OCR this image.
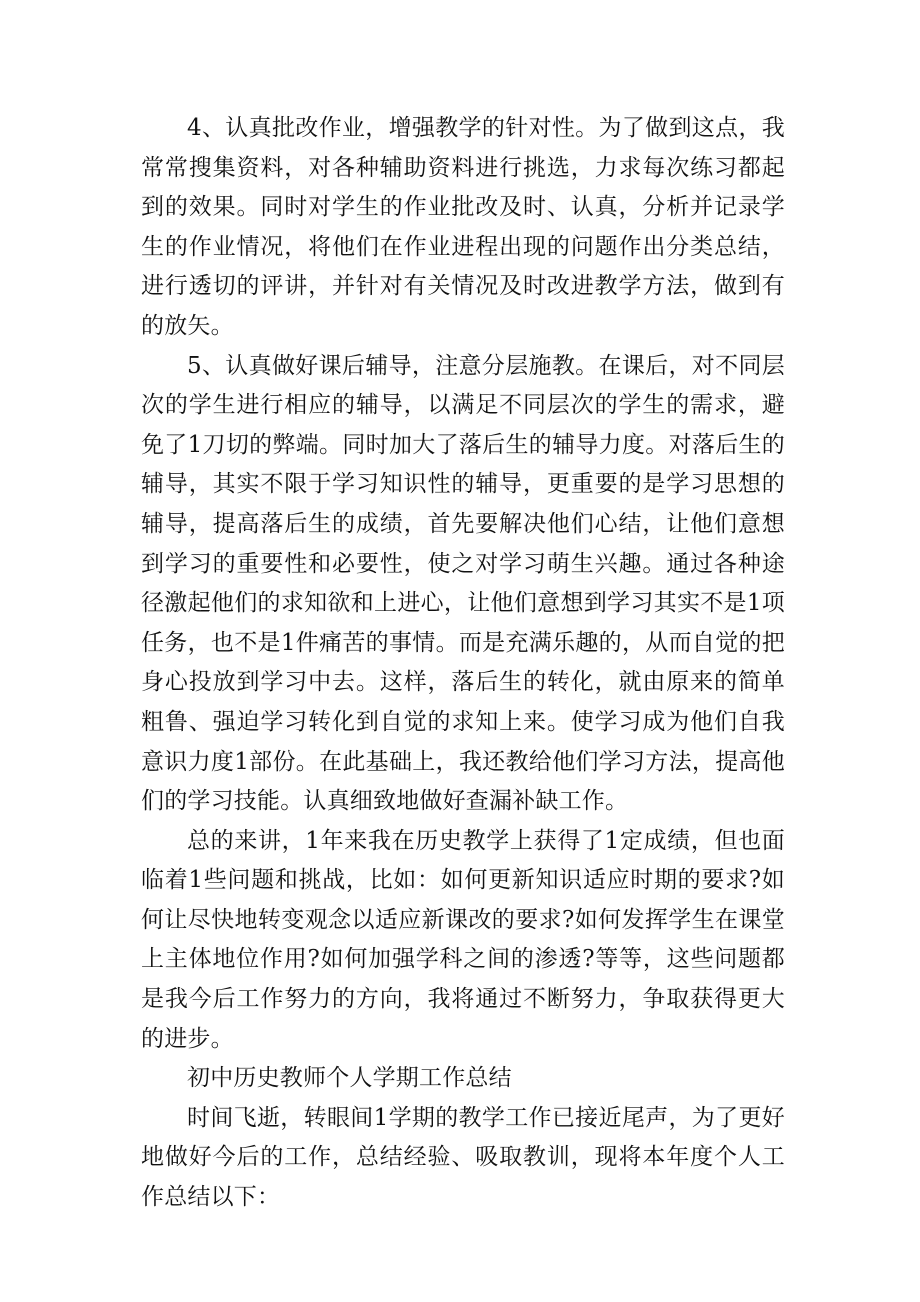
4、认真批改作业，增强教学的针对性。为了做到这点，我常常搜集资料，对各种辅助资料进行挑选，力求每次练习都起到的效果。同时对学生的作业批改及时、认真，分析并记录学生的作业情况，将他们在作业进程出现的问题作出分类总结，进行透切的评讲，并针对有关情况及时改进教学方法，做到有的放矢。

5、认真做好课后辅导，注意分层施教。在课后，对不同层次的学生进行相应的辅导，以满足不同层次的学生的需求，避免了1刀切的弊端。同时加大了落后生的辅导力度。对落后生的辅导，其实不限于学习知识性的辅导，更重要的是学习思想的辅导，提高落后生的成绩，首先要解决他们心结，让他们意想到学习的重要性和必要性，使之对学习萌生兴趣。通过各种途径激起他们的求知欲和上进心，让他们意想到学习其实不是1项任务，也不是1件痛苦的事情。而是充满乐趣的，从而自觉的把身心投放到学习中去。这样，落后生的转化，就由原来的简单粗鲁、强迫学习转化到自觉的求知上来。使学习成为他们自我意识力度1部份。在此基础上，我还教给他们学习方法，提高他们的学习技能。认真细致地做好查漏补缺工作。

总的来讲，1年来我在历史教学上获得了1定成绩，但也面临着1些问题和挑战，比如：如何更新知识适应时期的要求?如何让尽快地转变观念以适应新课改的要求?如何发挥学生在课堂上主体地位作用?如何加强学科之间的渗透?等等，这些问题都是我今后工作努力的方向，我将通过不断努力，争取获得更大的进步。

初中历史教师个人学期工作总结

时间飞逝，转眼间1学期的教学工作已接近尾声，为了更好地做好今后的工作，总结经验、吸取教训，现将本年度个人工作总结以下：
